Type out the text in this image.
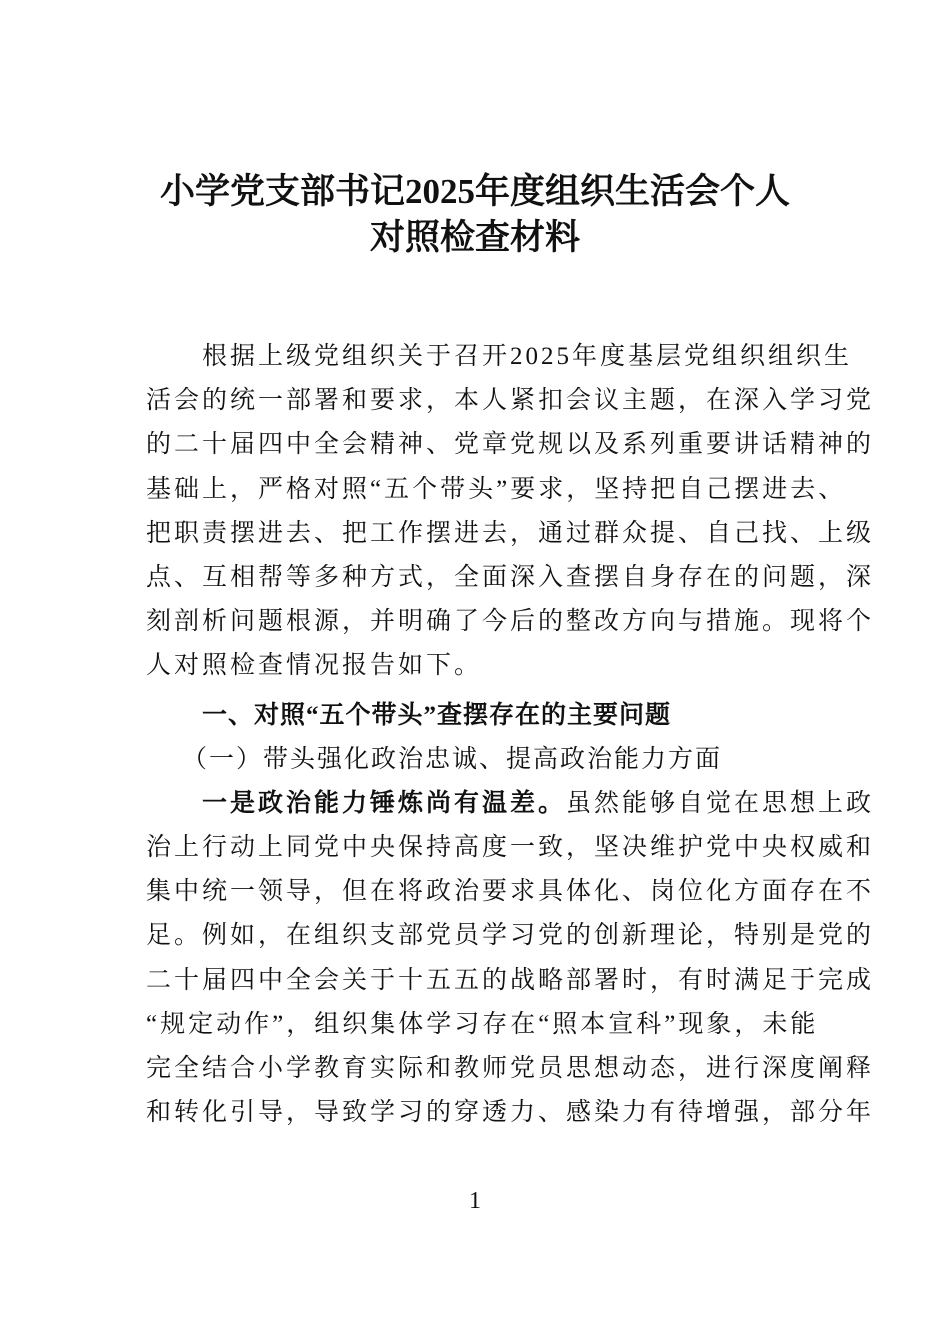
小学党支部书记2025年度组织生活会个人
对照检查材料
根据上级党组织关于召开2025年度基层党组织组织生
活会的统一部署和要求，本人紧扣会议主题，在深入学习党
的二十届四中全会精神、党章党规以及系列重要讲话精神的
基础上，严格对照“五个带头”要求，坚持把自己摆进去、
把职责摆进去、把工作摆进去，通过群众提、自己找、上级
点、互相帮等多种方式，全面深入查摆自身存在的问题，深
刻剖析问题根源，并明确了今后的整改方向与措施。现将个
人对照检查情况报告如下。
一、对照“五个带头”查摆存在的主要问题
（一）带头强化政治忠诚、提高政治能力方面
一是政治能力锤炼尚有温差。虽然能够自觉在思想上政
治上行动上同党中央保持高度一致，坚决维护党中央权威和
集中统一领导，但在将政治要求具体化、岗位化方面存在不
足。例如，在组织支部党员学习党的创新理论，特别是党的
二十届四中全会关于十五五的战略部署时，有时满足于完成
“规定动作”，组织集体学习存在“照本宣科”现象，未能
完全结合小学教育实际和教师党员思想动态，进行深度阐释
和转化引导，导致学习的穿透力、感染力有待增强，部分年
1
